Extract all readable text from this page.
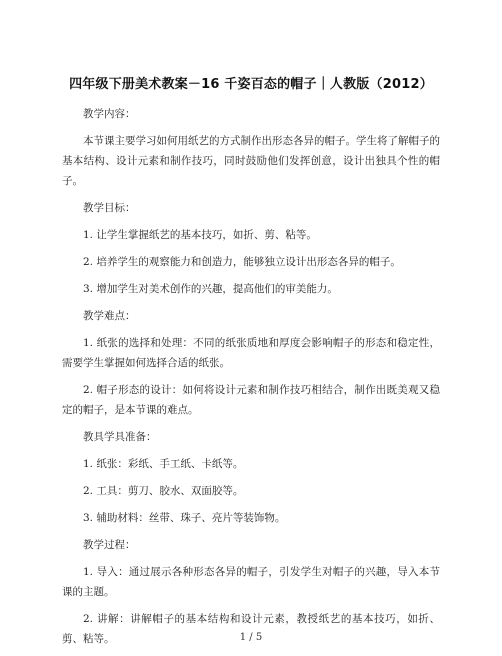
四年级下册美术教案－16 千姿百态的帽子｜人教版（2012）
教学内容：
本节课主要学习如何用纸艺的方式制作出形态各异的帽子。学生将了解帽子的基本结构、设计元素和制作技巧，同时鼓励他们发挥创意，设计出独具个性的帽子。
教学目标：
1. 让学生掌握纸艺的基本技巧，如折、剪、粘等。
2. 培养学生的观察能力和创造力，能够独立设计出形态各异的帽子。
3. 增加学生对美术创作的兴趣，提高他们的审美能力。
教学难点：
1. 纸张的选择和处理：不同的纸张质地和厚度会影响帽子的形态和稳定性，需要学生掌握如何选择合适的纸张。
2. 帽子形态的设计：如何将设计元素和制作技巧相结合，制作出既美观又稳定的帽子，是本节课的难点。
教具学具准备：
1. 纸张：彩纸、手工纸、卡纸等。
2. 工具：剪刀、胶水、双面胶等。
3. 辅助材料：丝带、珠子、亮片等装饰物。
教学过程：
1. 导入：通过展示各种形态各异的帽子，引发学生对帽子的兴趣，导入本节课的主题。
2. 讲解：讲解帽子的基本结构和设计元素，教授纸艺的基本技巧，如折、剪、粘等。	1 / 5
